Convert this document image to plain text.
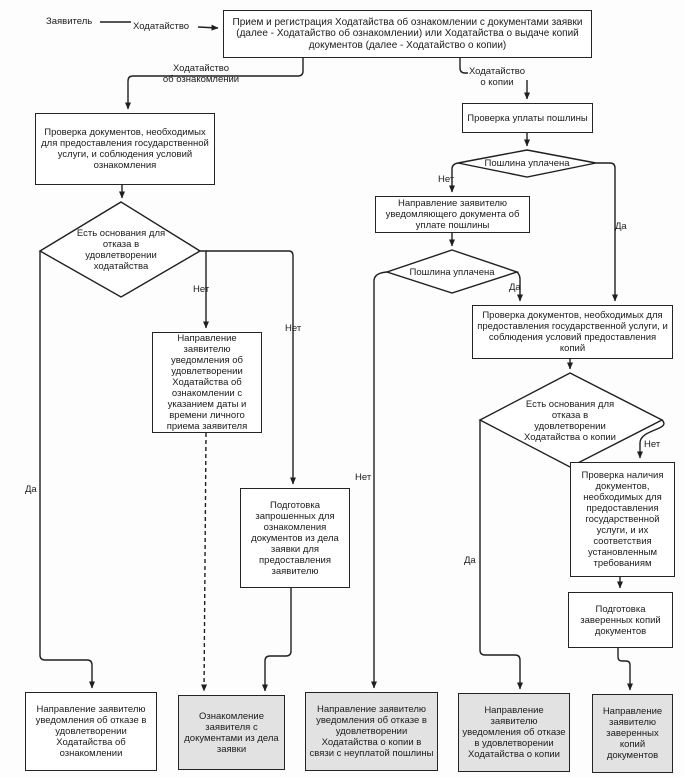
Заявитель	Ходатайство
Ходатайство
об ознакомлении
Ходатайство
о копии
Прием и регистрация Ходатайства об ознакомлении с документами заявки (далее - Ходатайство об ознакомлении) или Ходатайства о выдаче копий документов (далее - Ходатайство о копии)
Проверка документов, необходимых для предоставления государственной услуги, и соблюдения условий ознакомления
Направление заявителю уведомления об удовлетворении Ходатайства об ознакомлении с указанием даты и времени личного приема заявителя
Подготовка запрошенных для ознакомления документов из дела заявки для предоставления заявителю
Проверка уплаты пошлины
Направление заявителю уведомляющего документа об уплате пошлины
Проверка документов, необходимых для предоставления государственной услуги, и соблюдения условий предоставления копий
Проверка наличия документов, необходимых для предоставления государственной услуги, и их соответствия установленным требованиям
Подготовка заверенных копий документов
Направление заявителю уведомления об отказе в удовлетворении Ходатайства об ознакомлении
Ознакомление заявителя с документами из дела заявки
Направление заявителю уведомления об отказе в удовлетворении Ходатайства о копии в связи с неуплатой пошлины
Направление заявителю уведомления об отказе в удовлетворении Ходатайства о копии
Направление заявителю заверенных копий документов
Есть основания для отказа в удовлетворении ходатайства
Пошлина уплачена
Пошлина уплачена
Есть основания для отказа в удовлетворении Ходатайства о копии
Нет
Нет
Да
Нет
Да
Нет
Да
Да
Нет
